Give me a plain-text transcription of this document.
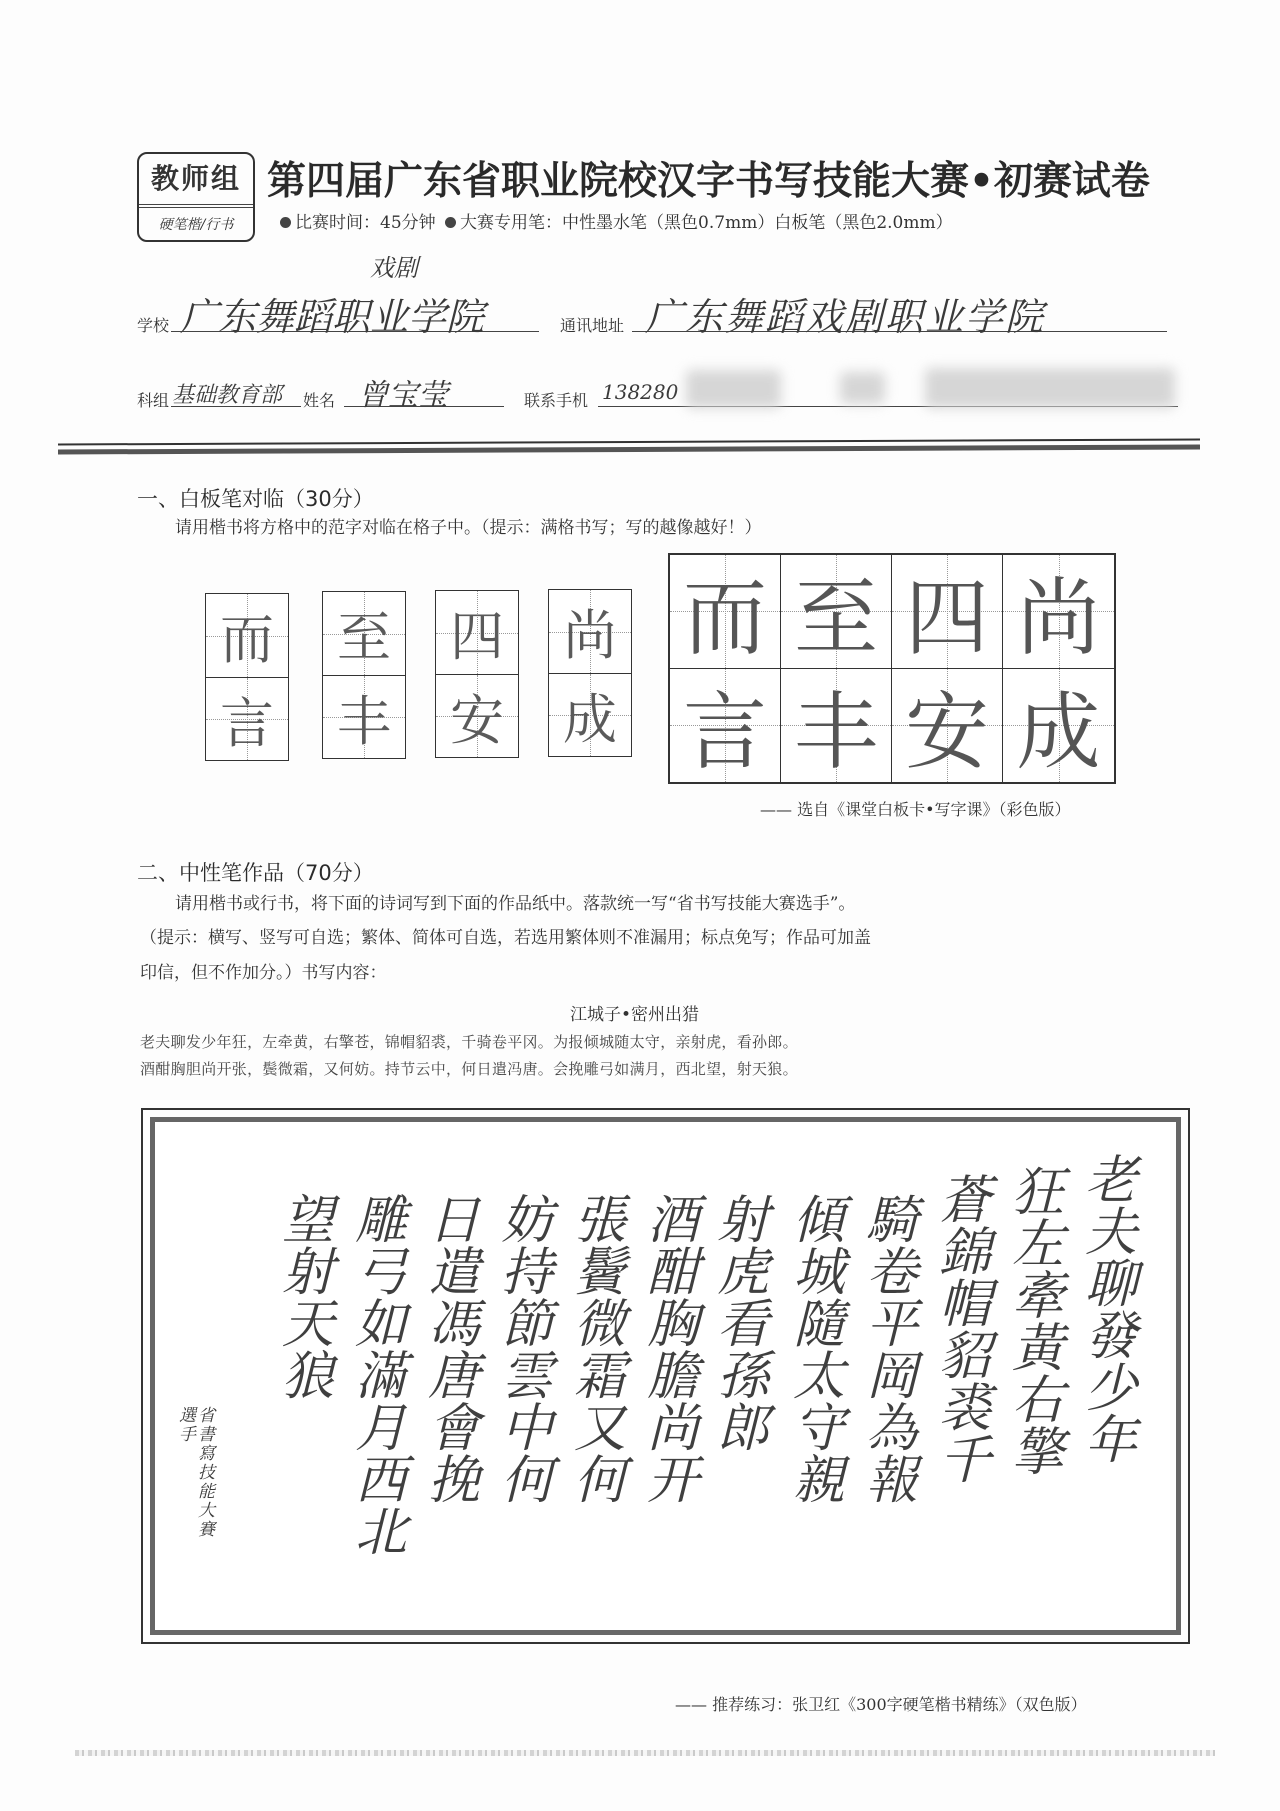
教师组
硬笔楷/行书
第四届广东省职业院校汉字书写技能大赛•初赛试卷
比赛时间：45分钟 大赛专用笔：中性墨水笔（黑色0.7mm）白板笔（黑色2.0mm）
戏剧
学校 广东舞蹈职业学院	通讯地址 广东舞蹈戏剧职业学院
科组 基础教育部 姓名 曾宝莹	联系手机 138280
一、白板笔对临（30分）
请用楷书将方格中的范字对临在格子中。（提示：满格书写；写的越像越好！）
而
言
至
丰
四
安
尚
成
而 至 四 尚
言 丰 安 成
—— 选自《课堂白板卡•写字课》（彩色版）
二、中性笔作品（70分）
请用楷书或行书，将下面的诗词写到下面的作品纸中。落款统一写“省书写技能大赛选手”。
（提示：横写、竖写可自选；繁体、简体可自选，若选用繁体则不准漏用；标点免写；作品可加盖
印信，但不作加分。）书写内容：
江城子•密州出猎
老夫聊发少年狂，左牵黄，右擎苍，锦帽貂裘，千骑卷平冈。为报倾城随太守，亲射虎，看孙郎。
酒酣胸胆尚开张，鬓微霜，又何妨。持节云中，何日遣冯唐。会挽雕弓如满月，西北望，射天狼。
老夫聊發少年
狂左牽黃右擎
蒼錦帽貂裘千
騎卷平岡為報
傾城隨太守親
射虎看孫郎
酒酣胸膽尚开
張鬢微霜又何
妨持節雲中何
日遣馮唐會挽
雕弓如滿月西北
望射天狼
省書寫技能大賽
選手
—— 推荐练习：张卫红《300字硬笔楷书精练》（双色版）
